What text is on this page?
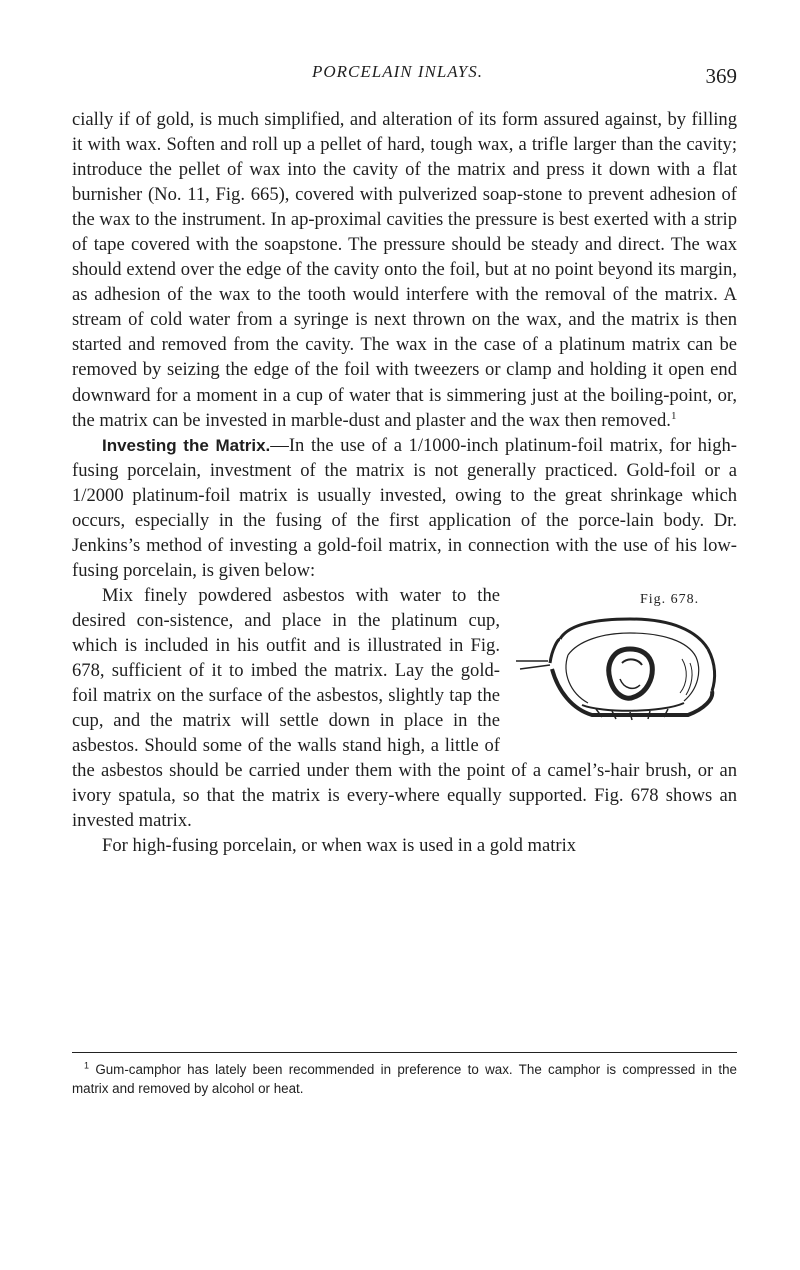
PORCELAIN INLAYS.	369

cially if of gold, is much simplified, and alteration of its form assured against, by filling it with wax. Soften and roll up a pellet of hard, tough wax, a trifle larger than the cavity; introduce the pellet of wax into the cavity of the matrix and press it down with a flat burnisher (No. 11, Fig. 665), covered with pulverized soap-stone to prevent adhesion of the wax to the instrument. In ap-proximal cavities the pressure is best exerted with a strip of tape covered with the soapstone. The pressure should be steady and direct. The wax should extend over the edge of the cavity onto the foil, but at no point beyond its margin, as adhesion of the wax to the tooth would interfere with the removal of the matrix. A stream of cold water from a syringe is next thrown on the wax, and the matrix is then started and removed from the cavity. The wax in the case of a platinum matrix can be removed by seizing the edge of the foil with tweezers or clamp and holding it open end downward for a moment in a cup of water that is simmering just at the boiling-point, or, the matrix can be invested in marble-dust and plaster and the wax then removed.$^1$

Investing the Matrix.—In the use of a 1/1000-inch platinum-foil matrix, for high-fusing porcelain, investment of the matrix is not generally practiced. Gold-foil or a 1/2000 platinum-foil matrix is usually invested, owing to the great shrinkage which occurs, especially in the fusing of the first application of the porce-lain body. Dr. Jenkins’s method of investing a gold-foil matrix, in connection with the use of his low-fusing porcelain, is given below:

Fig. 678.
Mix finely powdered asbestos with water to the desired con-sistence, and place in the platinum cup, which is included in his outfit and is illustrated in Fig. 678, sufficient of it to imbed the matrix. Lay the gold-foil matrix on the surface of the asbestos, slightly tap the cup, and the matrix will settle down in place in the asbestos. Should some of the walls stand high, a little of the asbestos should be carried under them with the point of a camel’s-hair brush, or an ivory spatula, so that the matrix is every-where equally supported. Fig. 678 shows an invested matrix.

For high-fusing porcelain, or when wax is used in a gold matrix

$^1$ Gum-camphor has lately been recommended in preference to wax. The camphor is compressed in the matrix and removed by alcohol or heat.
